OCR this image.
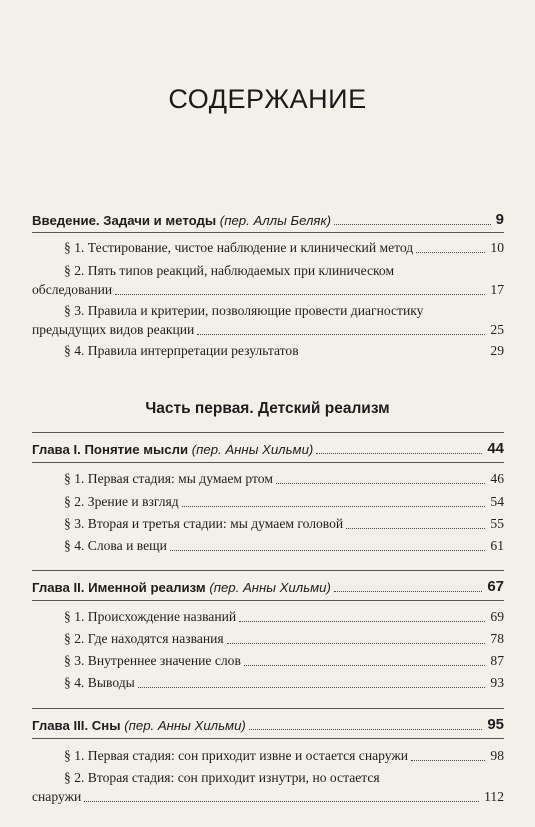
СОДЕРЖАНИЕ
Введение. Задачи и методы
(пер. Аллы Беляк)	9
§ 1. Тестирование, чистое наблюдение и клинический метод	10
§ 2. Пять типов реакций, наблюдаемых при клиническом
обследовании	17
§ 3. Правила и критерии, позволяющие провести диагностику
предыдущих видов реакции	25
§ 4. Правила интерпретации результатов	29
Часть первая. Детский реализм
Глава I. Понятие мысли
(пер. Анны Хильми)	44
§ 1. Первая стадия: мы думаем ртом	46
§ 2. Зрение и взгляд	54
§ 3. Вторая и третья стадии: мы думаем головой	55
§ 4. Слова и вещи	61
Глава II. Именной реализм
(пер. Анны Хильми)	67
§ 1. Происхождение названий	69
§ 2. Где находятся названия	78
§ 3. Внутреннее значение слов	87
§ 4. Выводы	93
Глава III. Сны
(пер. Анны Хильми)	95
§ 1. Первая стадия: сон приходит извне и остается снаружи	98
§ 2. Вторая стадия: сон приходит изнутри, но остается
снаружи	112
